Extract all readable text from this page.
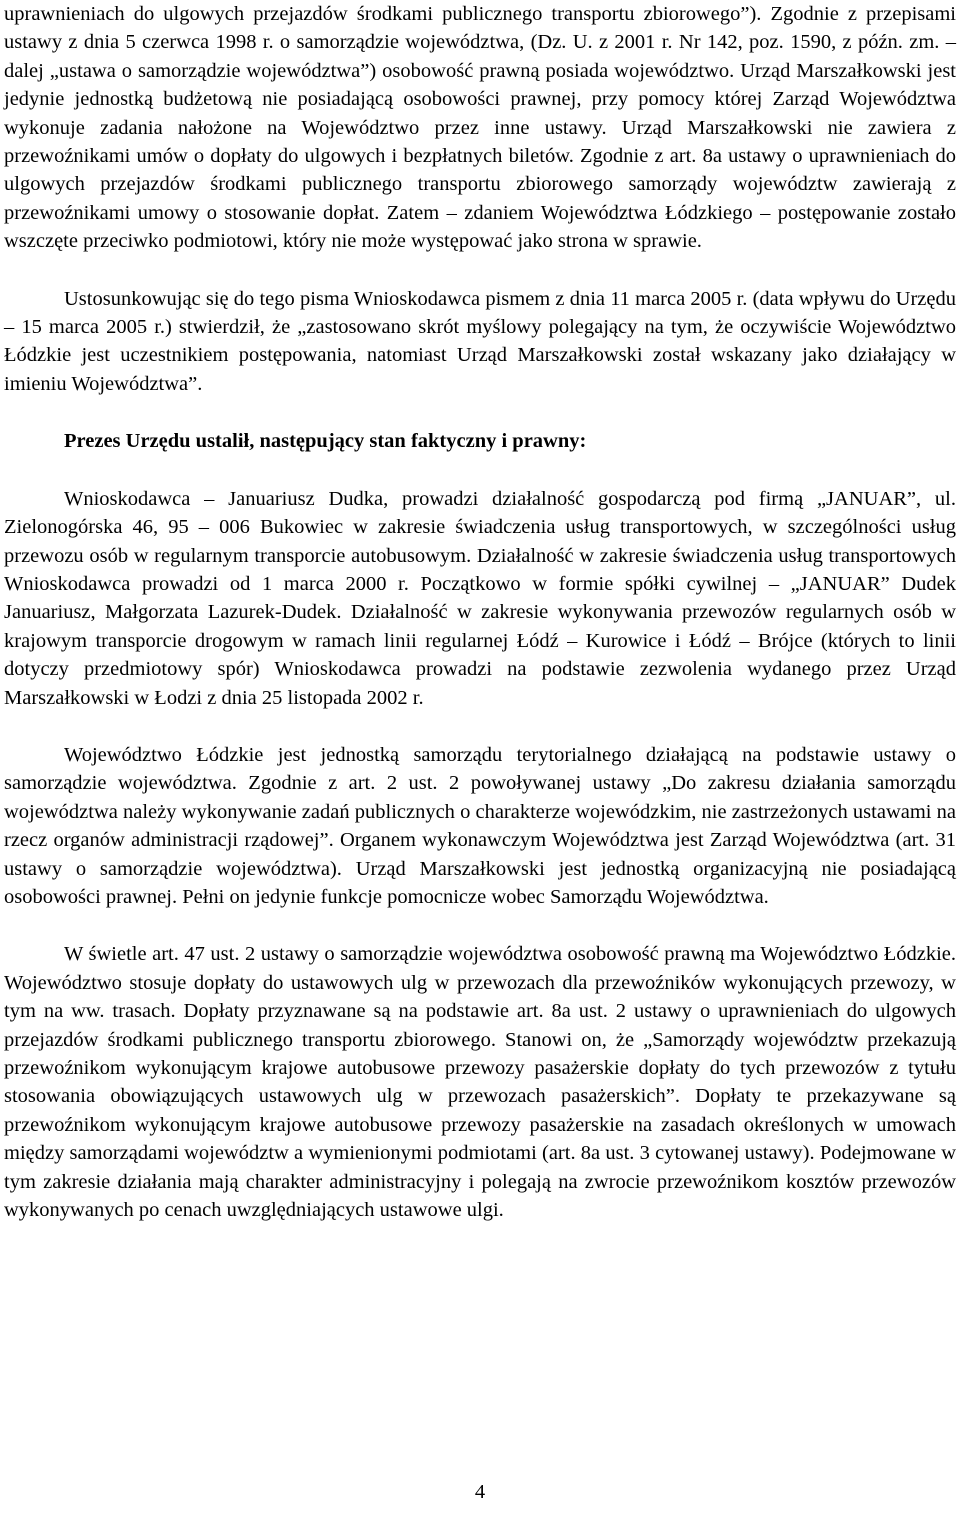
uprawnieniach do ulgowych przejazdów środkami publicznego transportu zbiorowego”). Zgodnie z przepisami ustawy z dnia 5 czerwca 1998 r. o samorządzie województwa, (Dz. U. z 2001 r. Nr 142, poz. 1590, z późn. zm. – dalej „ustawa o samorządzie województwa”) osobowość prawną posiada województwo. Urząd Marszałkowski jest jedynie jednostką budżetową nie posiadającą osobowości prawnej, przy pomocy której Zarząd Województwa wykonuje zadania nałożone na Województwo przez inne ustawy. Urząd Marszałkowski nie zawiera z przewoźnikami umów o dopłaty do ulgowych i bezpłatnych biletów. Zgodnie z art. 8a ustawy o uprawnieniach do ulgowych przejazdów środkami publicznego transportu zbiorowego samorządy województw zawierają z przewoźnikami umowy o stosowanie dopłat. Zatem – zdaniem Województwa Łódzkiego – postępowanie zostało wszczęte przeciwko podmiotowi, który nie może występować jako strona w sprawie.

Ustosunkowując się do tego pisma Wnioskodawca pismem z dnia 11 marca 2005 r. (data wpływu do Urzędu – 15 marca 2005 r.) stwierdził, że „zastosowano skrót myślowy polegający na tym, że oczywiście Województwo Łódzkie jest uczestnikiem postępowania, natomiast Urząd Marszałkowski został wskazany jako działający w imieniu Województwa”.

Prezes Urzędu ustalił, następujący stan faktyczny i prawny:

Wnioskodawca – Januariusz Dudka, prowadzi działalność gospodarczą pod firmą „JANUAR”, ul. Zielonogórska 46, 95 – 006 Bukowiec w zakresie świadczenia usług transportowych, w szczególności usług przewozu osób w regularnym transporcie autobusowym. Działalność w zakresie świadczenia usług transportowych Wnioskodawca prowadzi od 1 marca 2000 r. Początkowo w formie spółki cywilnej – „JANUAR” Dudek Januariusz, Małgorzata Lazurek-Dudek. Działalność w zakresie wykonywania przewozów regularnych osób w krajowym transporcie drogowym w ramach linii regularnej Łódź – Kurowice i Łódź – Brójce (których to linii dotyczy przedmiotowy spór) Wnioskodawca prowadzi na podstawie zezwolenia wydanego przez Urząd Marszałkowski w Łodzi z dnia 25 listopada 2002 r.

Województwo Łódzkie jest jednostką samorządu terytorialnego działającą na podstawie ustawy o samorządzie województwa. Zgodnie z art. 2 ust. 2 powoływanej ustawy „Do zakresu działania samorządu województwa należy wykonywanie zadań publicznych o charakterze wojewódzkim, nie zastrzeżonych ustawami na rzecz organów administracji rządowej”. Organem wykonawczym Województwa jest Zarząd Województwa (art. 31 ustawy o samorządzie województwa). Urząd Marszałkowski jest jednostką organizacyjną nie posiadającą osobowości prawnej. Pełni on jedynie funkcje pomocnicze wobec Samorządu Województwa.

W świetle art. 47 ust. 2 ustawy o samorządzie województwa osobowość prawną ma Województwo Łódzkie. Województwo stosuje dopłaty do ustawowych ulg w przewozach dla przewoźników wykonujących przewozy, w tym na ww. trasach. Dopłaty przyznawane są na podstawie art. 8a ust. 2 ustawy o uprawnieniach do ulgowych przejazdów środkami publicznego transportu zbiorowego. Stanowi on, że „Samorządy województw przekazują przewoźnikom wykonującym krajowe autobusowe przewozy pasażerskie dopłaty do tych przewozów z tytułu stosowania obowiązujących ustawowych ulg w przewozach pasażerskich”. Dopłaty te przekazywane są przewoźnikom wykonującym krajowe autobusowe przewozy pasażerskie na zasadach określonych w umowach między samorządami województw a wymienionymi podmiotami (art. 8a ust. 3 cytowanej ustawy). Podejmowane w tym zakresie działania mają charakter administracyjny i polegają na zwrocie przewoźnikom kosztów przewozów wykonywanych po cenach uwzględniających ustawowe ulgi.

4
